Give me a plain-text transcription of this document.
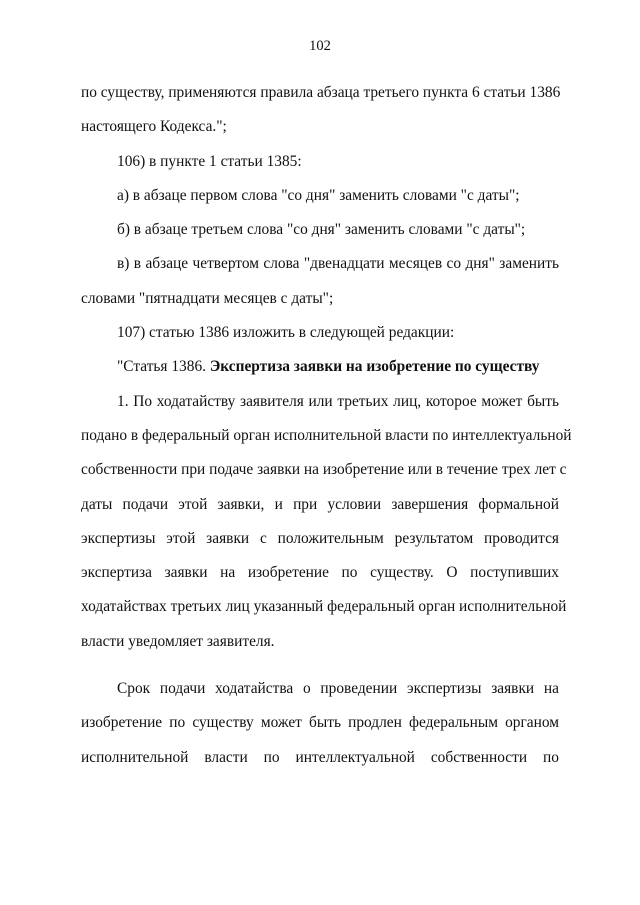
102

по существу, применяются правила абзаца третьего пункта 6 статьи 1386
настоящего Кодекса.";

106) в пункте 1 статьи 1385:

а) в абзаце первом слова "со дня" заменить словами "с даты";

б) в абзаце третьем слова "со дня" заменить словами "с даты";

в) в абзаце четвертом слова "двенадцати месяцев со дня" заменить
словами "пятнадцати месяцев с даты";

107) статью 1386 изложить в следующей редакции:

"Статья 1386. Экспертиза заявки на изобретение по существу

1. По ходатайству заявителя или третьих лиц, которое может быть
подано в федеральный орган исполнительной власти по интеллектуальной
собственности при подаче заявки на изобретение или в течение трех лет с
даты подачи этой заявки, и при условии завершения формальной
экспертизы этой заявки с положительным результатом проводится
экспертиза заявки на изобретение по существу. О поступивших
ходатайствах третьих лиц указанный федеральный орган исполнительной
власти уведомляет заявителя.

Срок подачи ходатайства о проведении экспертизы заявки на
изобретение по существу может быть продлен федеральным органом
исполнительной власти по интеллектуальной собственности по
